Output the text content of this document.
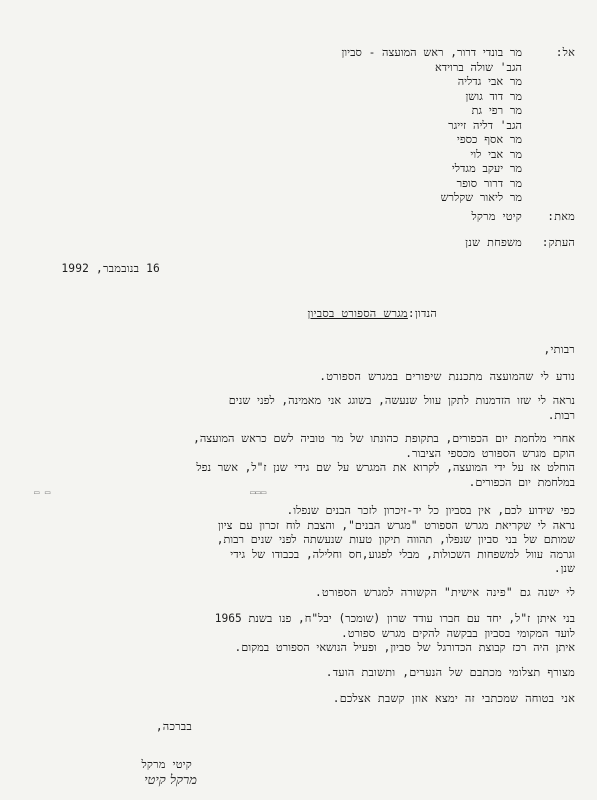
אל:
מר בונדי דרור, ראש המועצה - סביון
הגב' שולה ברוידא
מר אבי גדליה
מר דוד גושן
מר רפי גת
הגב' דליה זייגר
מר אסף כספי
מר אבי לוי
מר יעקב מגדלי
מר דרור סופר
מר ליאור שקלרש
מאת:
קיטי מרקל
העתק:
משפחת שנן
16 בנובמבר, 1992
הנדון:מגרש הספורט בסביון
רבותי,
נודע לי שהמועצה מתכננת שיפורים במגרש הספורט.
נראה לי שזו הזדמנות לתקן עוול שנעשה, בשוגג אני מאמינה, לפני שנים
רבות.
אחרי מלחמת יום הכפורים, בתקופת כהונתו של מר טוביה לשם כראש המועצה,
הוקם מגרש הספורט מכספי הציבור.
הוחלט אז על ידי המועצה, לקרוא את המגרש על שם גידי שנן ז"ל, אשר נפל
במלחמת יום הכפורים.
▭▭▭
▭ ▭
כפי שידוע לכם, אין בסביון כל יד-זיכרון לזכר הבנים שנפלו.
נראה לי שקריאת מגרש הספורט "מגרש הבנים", והצבת לוח זכרון עם ציון
שמותם של בני סביון שנפלו, תהווה תיקון טעות שנעשתה לפני שנים רבות,
וגרמה עוול למשפחות השכולות, מבלי לפגוע,חס וחלילה, בכבודו של גידי
שנן.
לי ישנה גם "פינה אישית" הקשורה למגרש הספורט.
בני איתן ז"ל, יחד עם חברו עודד שרון (שומכר) יבל"ח, פנו בשנת 1965
לועד המקומי בסביון בבקשה להקים מגרש ספורט.
איתן היה רכז קבוצת הכדורגל של סביון, ופעיל הנושאי הספורט במקום.
מצורף תצלומי מכתבם של הנערים, ותשובת הועד.
אני בטוחה שמכתבי זה ימצא אוזן קשבת אצלכם.
בברכה,
קיטי מרקל
מרקל קיטי
